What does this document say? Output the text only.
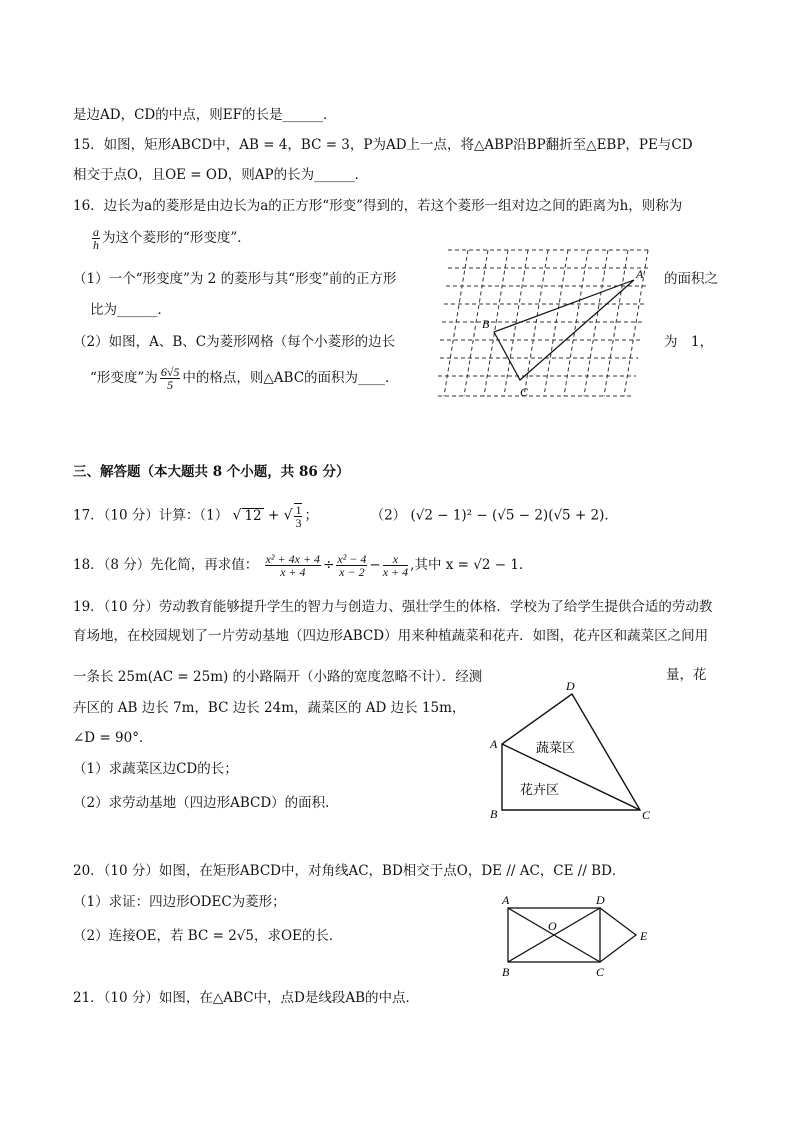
是边AD，CD的中点，则EF的长是______．
15．如图，矩形ABCD中，AB = 4，BC = 3，P为AD上一点，将△ABP沿BP翻折至△EBP，PE与CD
相交于点O，且OE = OD，则AP的长为______．
16．边长为a的菱形是由边长为a的正方形“形变”得到的，若这个菱形一组对边之间的距离为h，则称为
$\frac{a}{h}$ 为这个菱形的“形变度”．
（1）一个“形变度”为 2 的菱形与其“形变”前的正方形	的面积之
比为______．
（2）如图，A、B、C为菱形网格（每个小菱形的边长	为　1，
“形变度”为 $\frac{6√5}{5}$ 中的格点，则△ABC的面积为____．
A
B
C
三、解答题（本大题共 8 个小题，共 86 分）
17．（10 分）计算：（1） √ 12 + √ $\frac{1}{3}$ ；	（2） (√2 − 1)² − (√5 − 2)(√5 + 2)．
18．（8 分）先化简，再求值： $\frac{\text{x² + 4x + 4}}{x + 4} \div \frac{\text{x² − 4}}{x - 2} - \frac{x}{x + 4}$ ,其中 x = √2 − 1．
19．（10 分）劳动教育能够提升学生的智力与创造力、强壮学生的体格．学校为了给学生提供合适的劳动教
育场地，在校园规划了一片劳动基地（四边形ABCD）用来种植蔬菜和花卉．如图，花卉区和蔬菜区之间用
一条长 25m(AC = 25m) 的小路隔开（小路的宽度忽略不计）．经测	量，花
卉区的 AB 边长 7m，BC 边长 24m，蔬菜区的 AD 边长 15m，
∠D = 90°．
（1）求蔬菜区边CD的长；
（2）求劳动基地（四边形ABCD）的面积．
D
A
B	C
蔬菜区
花卉区
20．（10 分）如图，在矩形ABCD中，对角线AC，BD相交于点O，DE // AC，CE // BD．
（1）求证：四边形ODEC为菱形；
（2）连接OE，若 BC = 2√5，求OE的长．
A	D
O
E
B	C
21．（10 分）如图，在△ABC中，点D是线段AB的中点．
